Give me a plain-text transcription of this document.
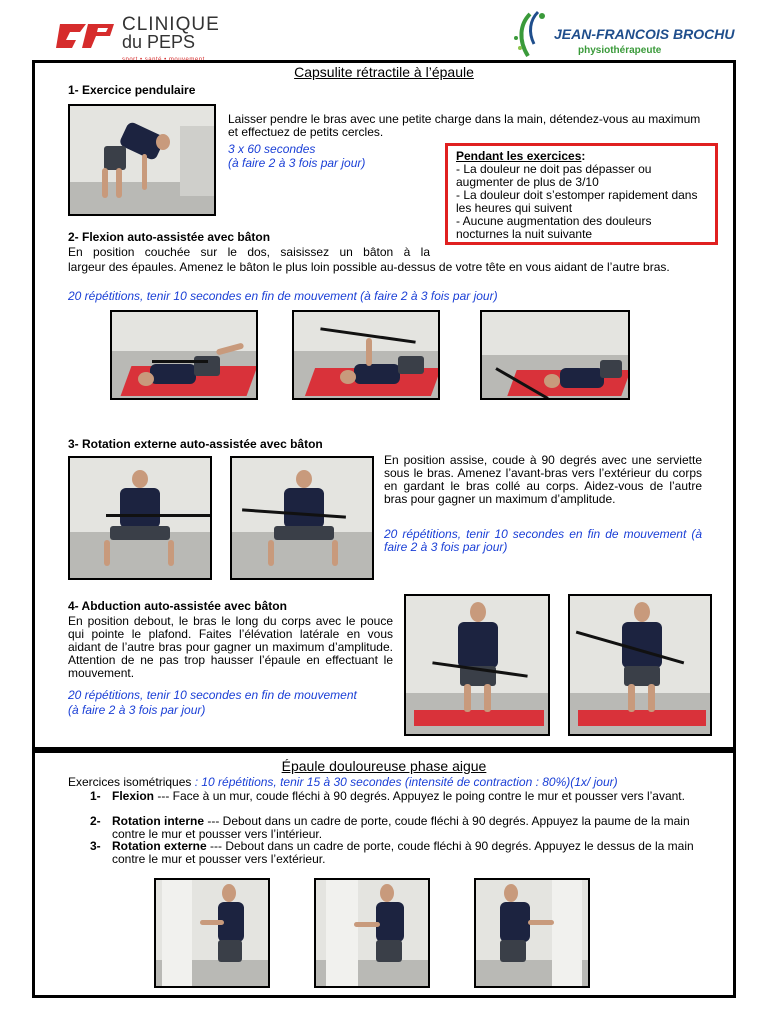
CLINIQUE
du PEPS
sport • santé • mouvement
JEAN-FRANCOIS BROCHU
physiothérapeute
Capsulite rétractile à l’épaule
1- Exercice pendulaire
Laisser pendre le bras avec une petite charge dans la main, détendez-vous au maximum et effectuez de petits cercles.
3 x 60 secondes
(à faire 2 à 3 fois par jour)	Pendant les exercices:
- La douleur ne doit pas dépasser ou augmenter de plus de 3/10
- La douleur doit s’estomper rapidement dans les heures qui suivent
- Aucune augmentation des douleurs nocturnes la nuit suivante
2- Flexion auto-assistée avec bâton
En position couchée sur le dos, saisissez un bâton à la
largeur des épaules. Amenez le bâton le plus loin possible au-dessus de votre tête en vous aidant de l’autre bras.
20 répétitions, tenir 10 secondes en fin de mouvement (à faire 2 à 3 fois par jour)
3- Rotation externe auto-assistée avec bâton
En position assise, coude à 90 degrés avec une serviette sous le bras. Amenez l’avant-bras vers l’extérieur du corps en gardant le bras collé au corps. Aidez-vous de l’autre bras pour gagner un maximum d’amplitude.
20 répétitions, tenir 10 secondes en fin de mouvement (à faire 2 à 3 fois par jour)
4- Abduction auto-assistée avec bâton
En position debout, le bras le long du corps avec le pouce qui pointe le plafond. Faites l’élévation latérale en vous aidant de l’autre bras pour gagner un maximum d’amplitude. Attention de ne pas trop hausser l’épaule en effectuant le mouvement.
20 répétitions, tenir 10 secondes en fin de mouvement
(à faire 2 à 3 fois par jour)
Épaule douloureuse phase aigue
Exercices isométriques : 10 répétitions, tenir 15 à 30 secondes (intensité de contraction : 80%)(1x/ jour)
1- Flexion --- Face à un mur, coude fléchi à 90 degrés. Appuyez le poing contre le mur et pousser vers l’avant.
2- Rotation interne --- Debout dans un cadre de porte, coude fléchi à 90 degrés. Appuyez la paume de la main contre le mur et pousser vers l’intérieur.
3- Rotation externe --- Debout dans un cadre de porte, coude fléchi à 90 degrés. Appuyez le dessus de la main contre le mur et pousser vers l’extérieur.
